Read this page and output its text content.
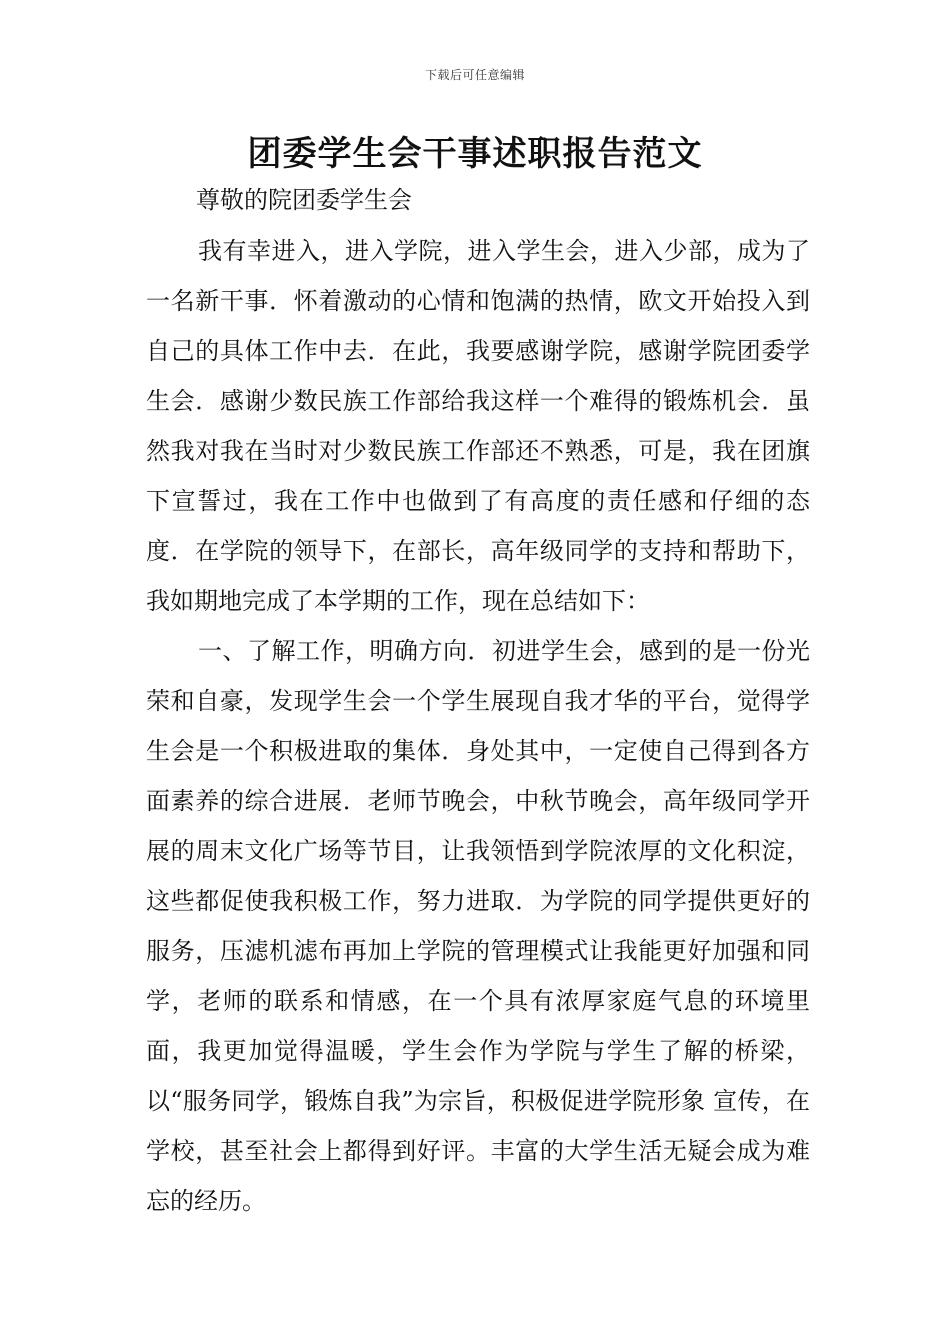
下载后可任意编辑
团委学生会干事述职报告范文
尊敬的院团委学生会

我有幸进入，进入学院，进入学生会，进入少部，成为了一名新干事．怀着激动的心情和饱满的热情，欧文开始投入到自己的具体工作中去．在此，我要感谢学院，感谢学院团委学生会．感谢少数民族工作部给我这样一个难得的锻炼机会．虽然我对我在当时对少数民族工作部还不熟悉，可是，我在团旗下宣誓过，我在工作中也做到了有高度的责任感和仔细的态度．在学院的领导下，在部长，高年级同学的支持和帮助下，我如期地完成了本学期的工作，现在总结如下：

一、了解工作，明确方向．初进学生会，感到的是一份光荣和自豪，发现学生会一个学生展现自我才华的平台，觉得学生会是一个积极进取的集体．身处其中，一定使自己得到各方面素养的综合进展．老师节晚会，中秋节晚会，高年级同学开展的周末文化广场等节目，让我领悟到学院浓厚的文化积淀，这些都促使我积极工作，努力进取．为学院的同学提供更好的服务，压滤机滤布再加上学院的管理模式让我能更好加强和同学，老师的联系和情感，在一个具有浓厚家庭气息的环境里面，我更加觉得温暖，学生会作为学院与学生了解的桥梁，以“服务同学，锻炼自我”为宗旨，积极促进学院形象 宣传，在学校，甚至社会上都得到好评。丰富的大学生活无疑会成为难忘的经历。
